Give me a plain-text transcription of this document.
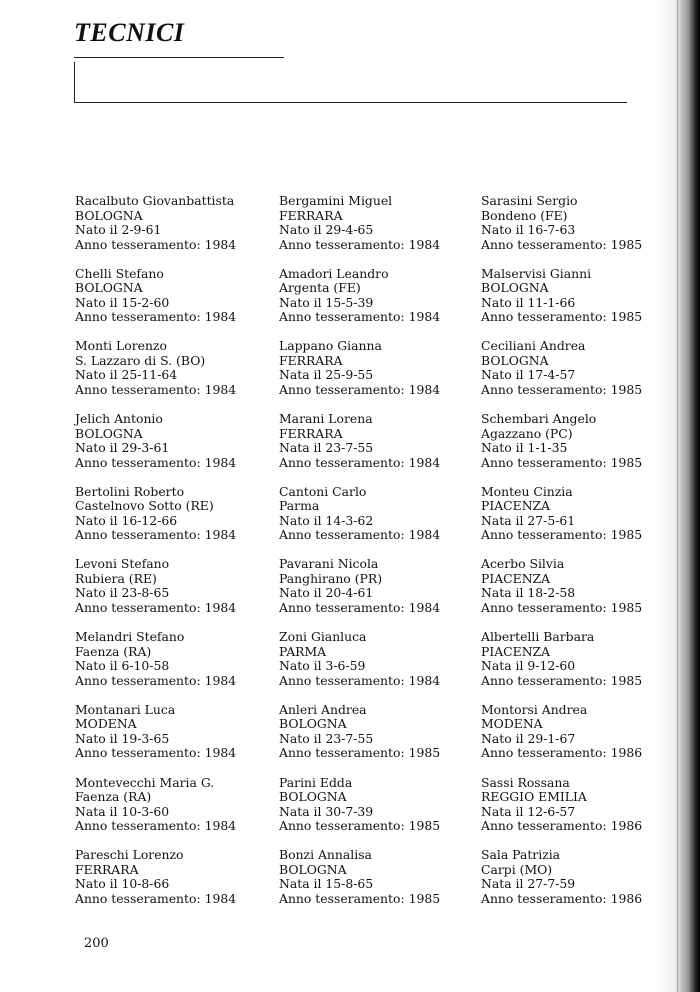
TECNICI
Racalbuto Giovanbattista
BOLOGNA
Nato il 2-9-61
Anno tesseramento: 1984
Chelli Stefano
BOLOGNA
Nato il 15-2-60
Anno tesseramento: 1984
Monti Lorenzo
S. Lazzaro di S. (BO)
Nato il 25-11-64
Anno tesseramento: 1984
Jelich Antonio
BOLOGNA
Nato il 29-3-61
Anno tesseramento: 1984
Bertolini Roberto
Castelnovo Sotto (RE)
Nato il 16-12-66
Anno tesseramento: 1984
Levoni Stefano
Rubiera (RE)
Nato il 23-8-65
Anno tesseramento: 1984
Melandri Stefano
Faenza (RA)
Nato il 6-10-58
Anno tesseramento: 1984
Montanari Luca
MODENA
Nato il 19-3-65
Anno tesseramento: 1984
Montevecchi Maria G.
Faenza (RA)
Nata il 10-3-60
Anno tesseramento: 1984
Pareschi Lorenzo
FERRARA
Nato il 10-8-66
Anno tesseramento: 1984
Bergamini Miguel
FERRARA
Nato il 29-4-65
Anno tesseramento: 1984
Amadori Leandro
Argenta (FE)
Nato il 15-5-39
Anno tesseramento: 1984
Lappano Gianna
FERRARA
Nata il 25-9-55
Anno tesseramento: 1984
Marani Lorena
FERRARA
Nata il 23-7-55
Anno tesseramento: 1984
Cantoni Carlo
Parma
Nato il 14-3-62
Anno tesseramento: 1984
Pavarani Nicola
Panghirano (PR)
Nato il 20-4-61
Anno tesseramento: 1984
Zoni Gianluca
PARMA
Nato il 3-6-59
Anno tesseramento: 1984
Anleri Andrea
BOLOGNA
Nato il 23-7-55
Anno tesseramento: 1985
Parini Edda
BOLOGNA
Nata il 30-7-39
Anno tesseramento: 1985
Bonzi Annalisa
BOLOGNA
Nata il 15-8-65
Anno tesseramento: 1985
Sarasini Sergio
Bondeno (FE)
Nato il 16-7-63
Anno tesseramento: 1985
Malservisi Gianni
BOLOGNA
Nato il 11-1-66
Anno tesseramento: 1985
Ceciliani Andrea
BOLOGNA
Nato il 17-4-57
Anno tesseramento: 1985
Schembari Angelo
Agazzano (PC)
Nato il 1-1-35
Anno tesseramento: 1985
Monteu Cinzia
PIACENZA
Nata il 27-5-61
Anno tesseramento: 1985
Acerbo Silvia
PIACENZA
Nata il 18-2-58
Anno tesseramento: 1985
Albertelli Barbara
PIACENZA
Nata il 9-12-60
Anno tesseramento: 1985
Montorsi Andrea
MODENA
Nato il 29-1-67
Anno tesseramento: 1986
Sassi Rossana
REGGIO EMILIA
Nata il 12-6-57
Anno tesseramento: 1986
Sala Patrizia
Carpi (MO)
Nata il 27-7-59
Anno tesseramento: 1986
200
